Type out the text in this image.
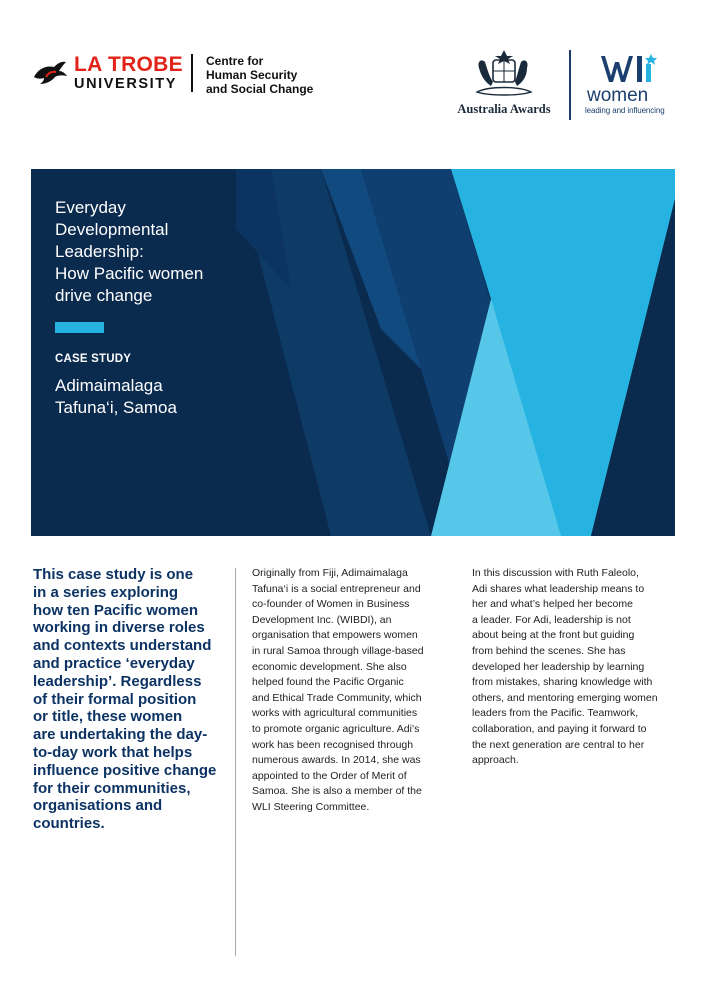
LA TROBE
UNIVERSITY
Centre for
Human Security
and Social Change
Australia Awards
women
leading and influencing
Everyday
Developmental
Leadership:
How Pacific women
drive change
CASE STUDY
Adimaimalaga
Tafuna‘i, Samoa
This case study is one
in a series exploring
how ten Pacific women
working in diverse roles
and contexts understand
and practice ‘everyday
leadership’. Regardless
of their formal position
or title, these women
are undertaking the day-
to-day work that helps
influence positive change
for their communities,
organisations and
countries.
Originally from Fiji, Adimaimalaga
Tafuna‘i is a social entrepreneur and
co-founder of Women in Business
Development Inc. (WIBDI), an
organisation that empowers women
in rural Samoa through village-based
economic development. She also
helped found the Pacific Organic
and Ethical Trade Community, which
works with agricultural communities
to promote organic agriculture. Adi’s
work has been recognised through
numerous awards. In 2014, she was
appointed to the Order of Merit of
Samoa. She is also a member of the
WLI Steering Committee.
In this discussion with Ruth Faleolo,
Adi shares what leadership means to
her and what’s helped her become
a leader. For Adi, leadership is not
about being at the front but guiding
from behind the scenes. She has
developed her leadership by learning
from mistakes, sharing knowledge with
others, and mentoring emerging women
leaders from the Pacific. Teamwork,
collaboration, and paying it forward to
the next generation are central to her
approach.
